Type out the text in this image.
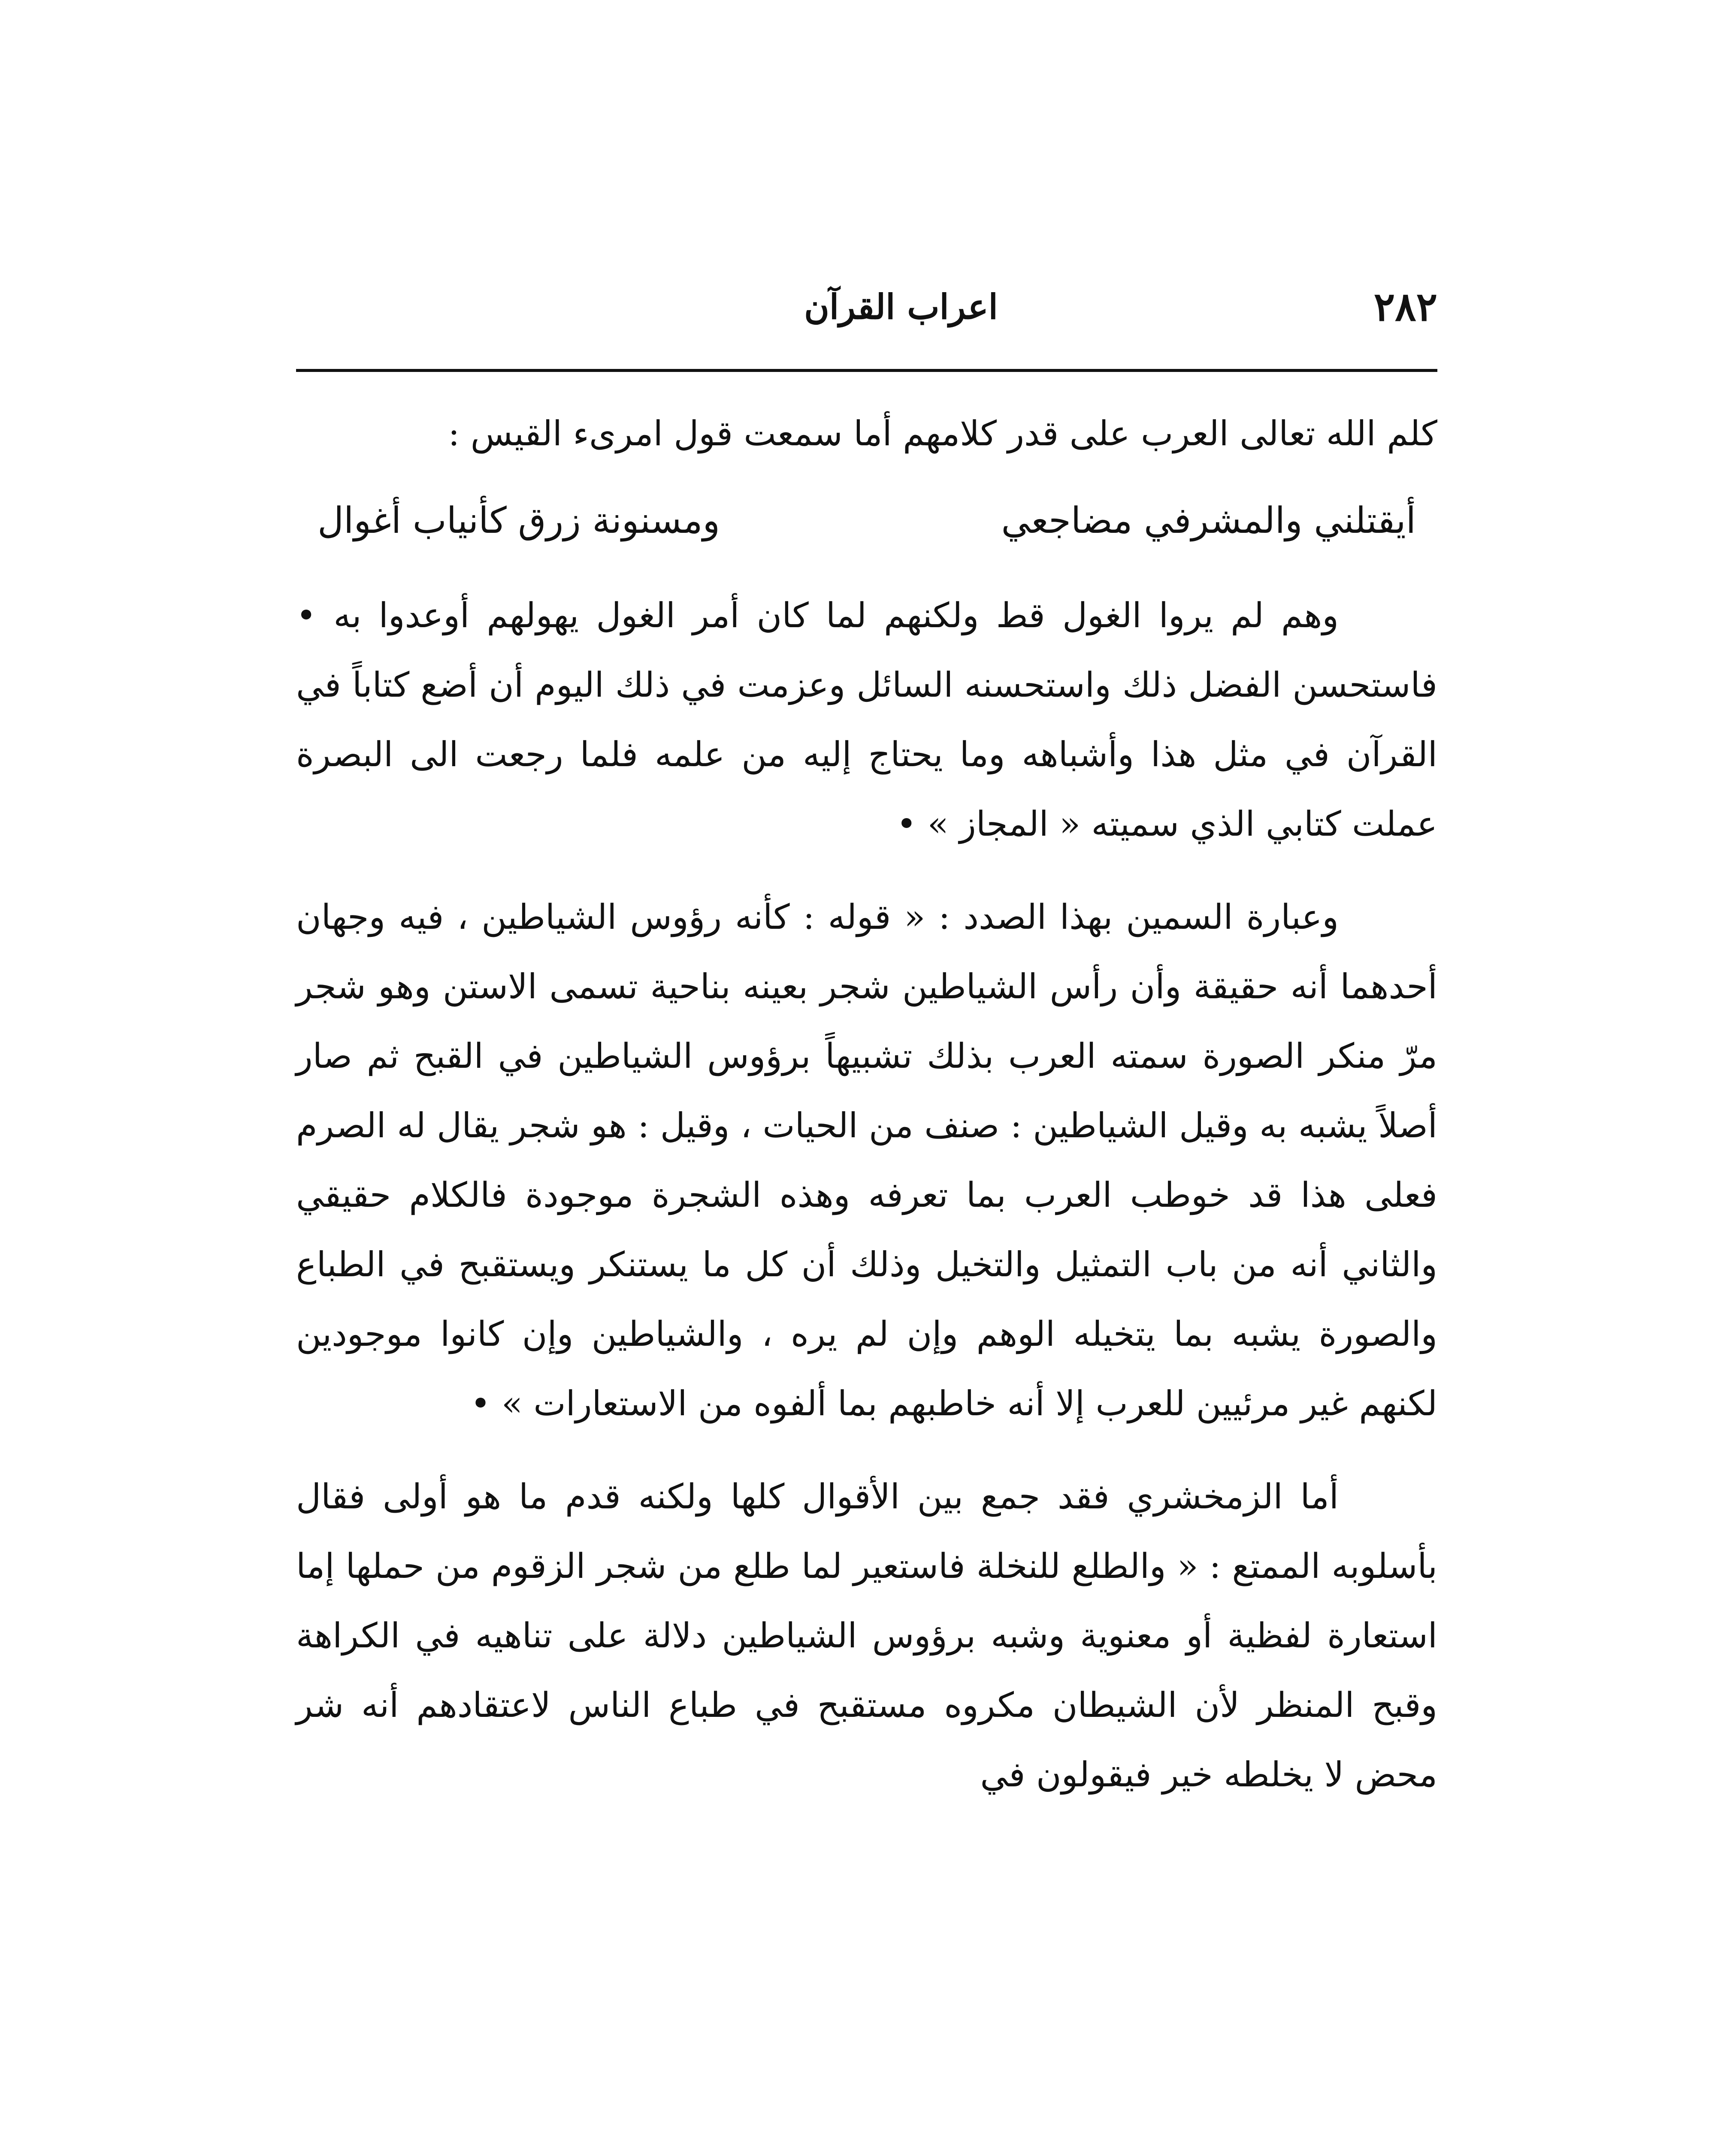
٢٨٢
اعراب القرآن

كلم الله تعالى العرب على قدر كلامهم أما سمعت قول امرىء القيس :

أيقتلني والمشرفي مضاجعي
ومسنونة زرق كأنياب أغوال

وهم لم يروا الغول قط ولكنهم لما كان أمر الغول يهولهم أوعدوا به • فاستحسن الفضل ذلك واستحسنه السائل وعزمت في ذلك اليوم أن أضع كتاباً في القرآن في مثل هذا وأشباهه وما يحتاج إليه من علمه فلما رجعت الى البصرة عملت كتابي الذي سميته « المجاز » •

وعبارة السمين بهذا الصدد : « قوله : كأنه رؤوس الشياطين ، فيه وجهان أحدهما أنه حقيقة وأن رأس الشياطين شجر بعينه بناحية تسمى الاستن وهو شجر مرّ منكر الصورة سمته العرب بذلك تشبيهاً برؤوس الشياطين في القبح ثم صار أصلاً يشبه به وقيل الشياطين : صنف من الحيات ، وقيل : هو شجر يقال له الصرم فعلى هذا قد خوطب العرب بما تعرفه وهذه الشجرة موجودة فالكلام حقيقي والثاني أنه من باب التمثيل والتخيل وذلك أن كل ما يستنكر ويستقبح في الطباع والصورة يشبه بما يتخيله الوهم وإن لم يره ، والشياطين وإن كانوا موجودين لكنهم غير مرئيين للعرب إلا أنه خاطبهم بما ألفوه من الاستعارات » •

أما الزمخشري فقد جمع بين الأقوال كلها ولكنه قدم ما هو أولى فقال بأسلوبه الممتع : « والطلع للنخلة فاستعير لما طلع من شجر الزقوم من حملها إما استعارة لفظية أو معنوية وشبه برؤوس الشياطين دلالة على تناهيه في الكراهة وقبح المنظر لأن الشيطان مكروه مستقبح في طباع الناس لاعتقادهم أنه شر محض لا يخلطه خير فيقولون في
